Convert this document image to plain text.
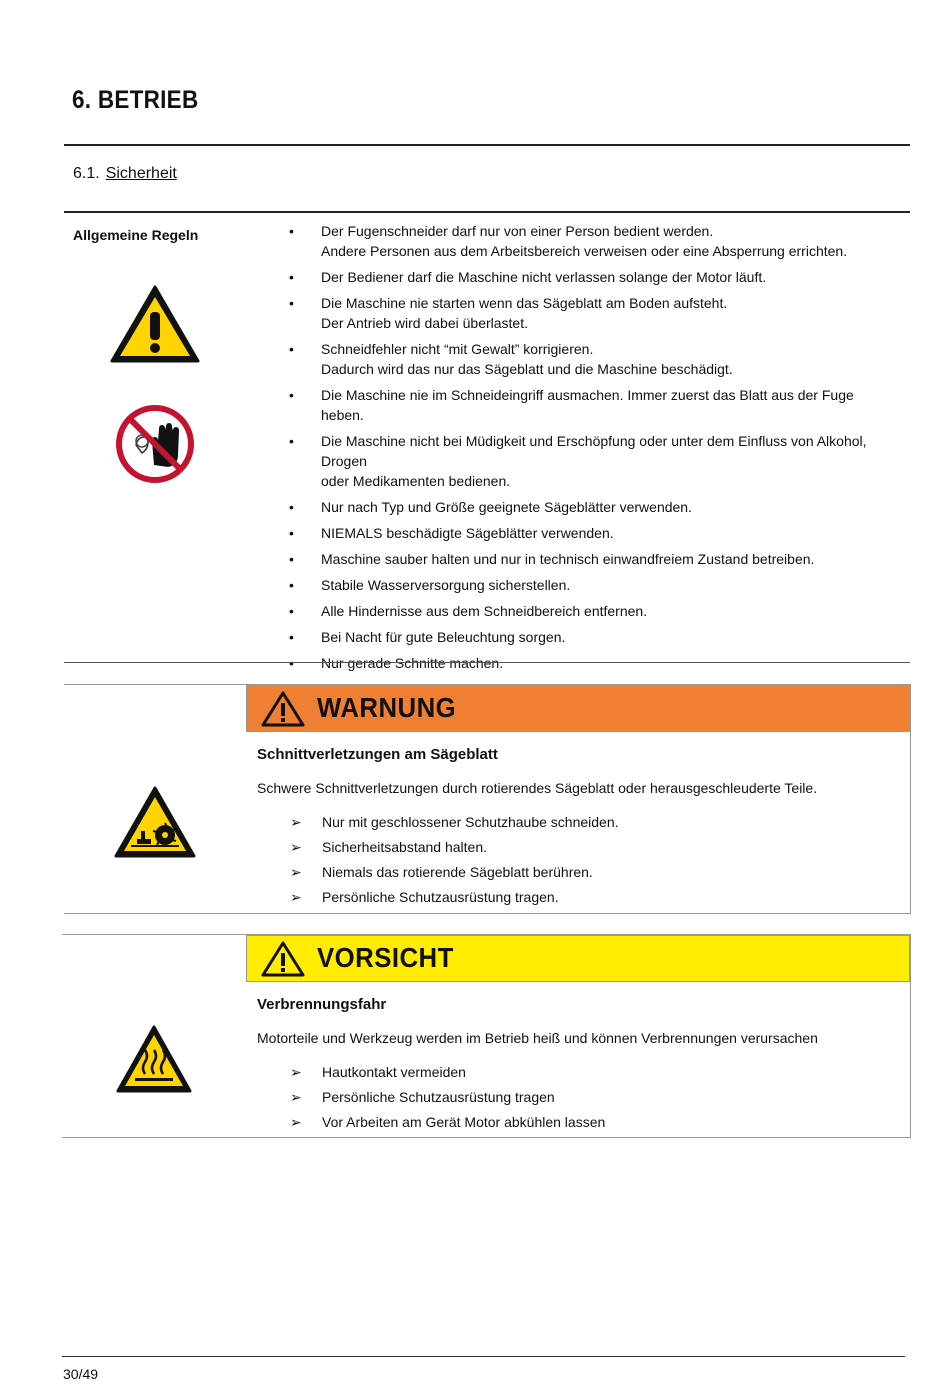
6. BETRIEB
6.1. Sicherheit
Allgemeine Regeln	• Der Fugenschneider darf nur von einer Person bedient werden.
Andere Personen aus dem Arbeitsbereich verweisen oder eine Absperrung errichten.
• Der Bediener darf die Maschine nicht verlassen solange der Motor läuft.
• Die Maschine nie starten wenn das Sägeblatt am Boden aufsteht.
Der Antrieb wird dabei überlastet.
• Schneidfehler nicht “mit Gewalt” korrigieren.
Dadurch wird das nur das Sägeblatt und die Maschine beschädigt.
• Die Maschine nie im Schneideingriff ausmachen. Immer zuerst das Blatt aus der Fuge heben.
• Die Maschine nicht bei Müdigkeit und Erschöpfung oder unter dem Einfluss von Alkohol, Drogen
oder Medikamenten bedienen.
• Nur nach Typ und Größe geeignete Sägeblätter verwenden.
• NIEMALS beschädigte Sägeblätter verwenden.
• Maschine sauber halten und nur in technisch einwandfreiem Zustand betreiben.
• Stabile Wasserversorgung sicherstellen.
• Alle Hindernisse aus dem Schneidbereich entfernen.
• Bei Nacht für gute Beleuchtung sorgen.
• Nur gerade Schnitte machen.
WARNUNG
Schnittverletzungen am Sägeblatt
Schwere Schnittverletzungen durch rotierendes Sägeblatt oder herausgeschleuderte Teile.
➢ Nur mit geschlossener Schutzhaube schneiden.
➢ Sicherheitsabstand halten.
➢ Niemals das rotierende Sägeblatt berühren.
➢ Persönliche Schutzausrüstung tragen.
VORSICHT
Verbrennungsfahr
Motorteile und Werkzeug werden im Betrieb heiß und können Verbrennungen verursachen
➢ Hautkontakt vermeiden
➢ Persönliche Schutzausrüstung tragen
➢ Vor Arbeiten am Gerät Motor abkühlen lassen
30/49
